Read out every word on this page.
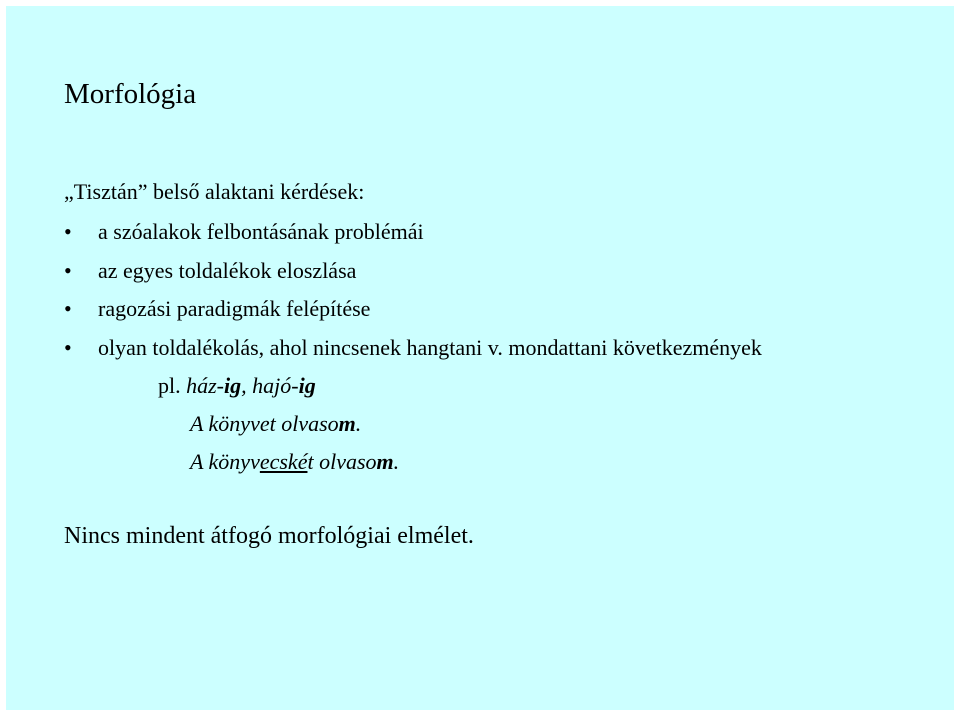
Morfológia
„Tisztán” belső alaktani kérdések:
• a szóalakok felbontásának problémái
• az egyes toldalékok eloszlása
• ragozási paradigmák felépítése
• olyan toldalékolás, ahol nincsenek hangtani v. mondattani következmények
pl. ház-ig, hajó-ig
A könyvet olvasom.
A könyvecskét olvasom.
Nincs mindent átfogó morfológiai elmélet.
